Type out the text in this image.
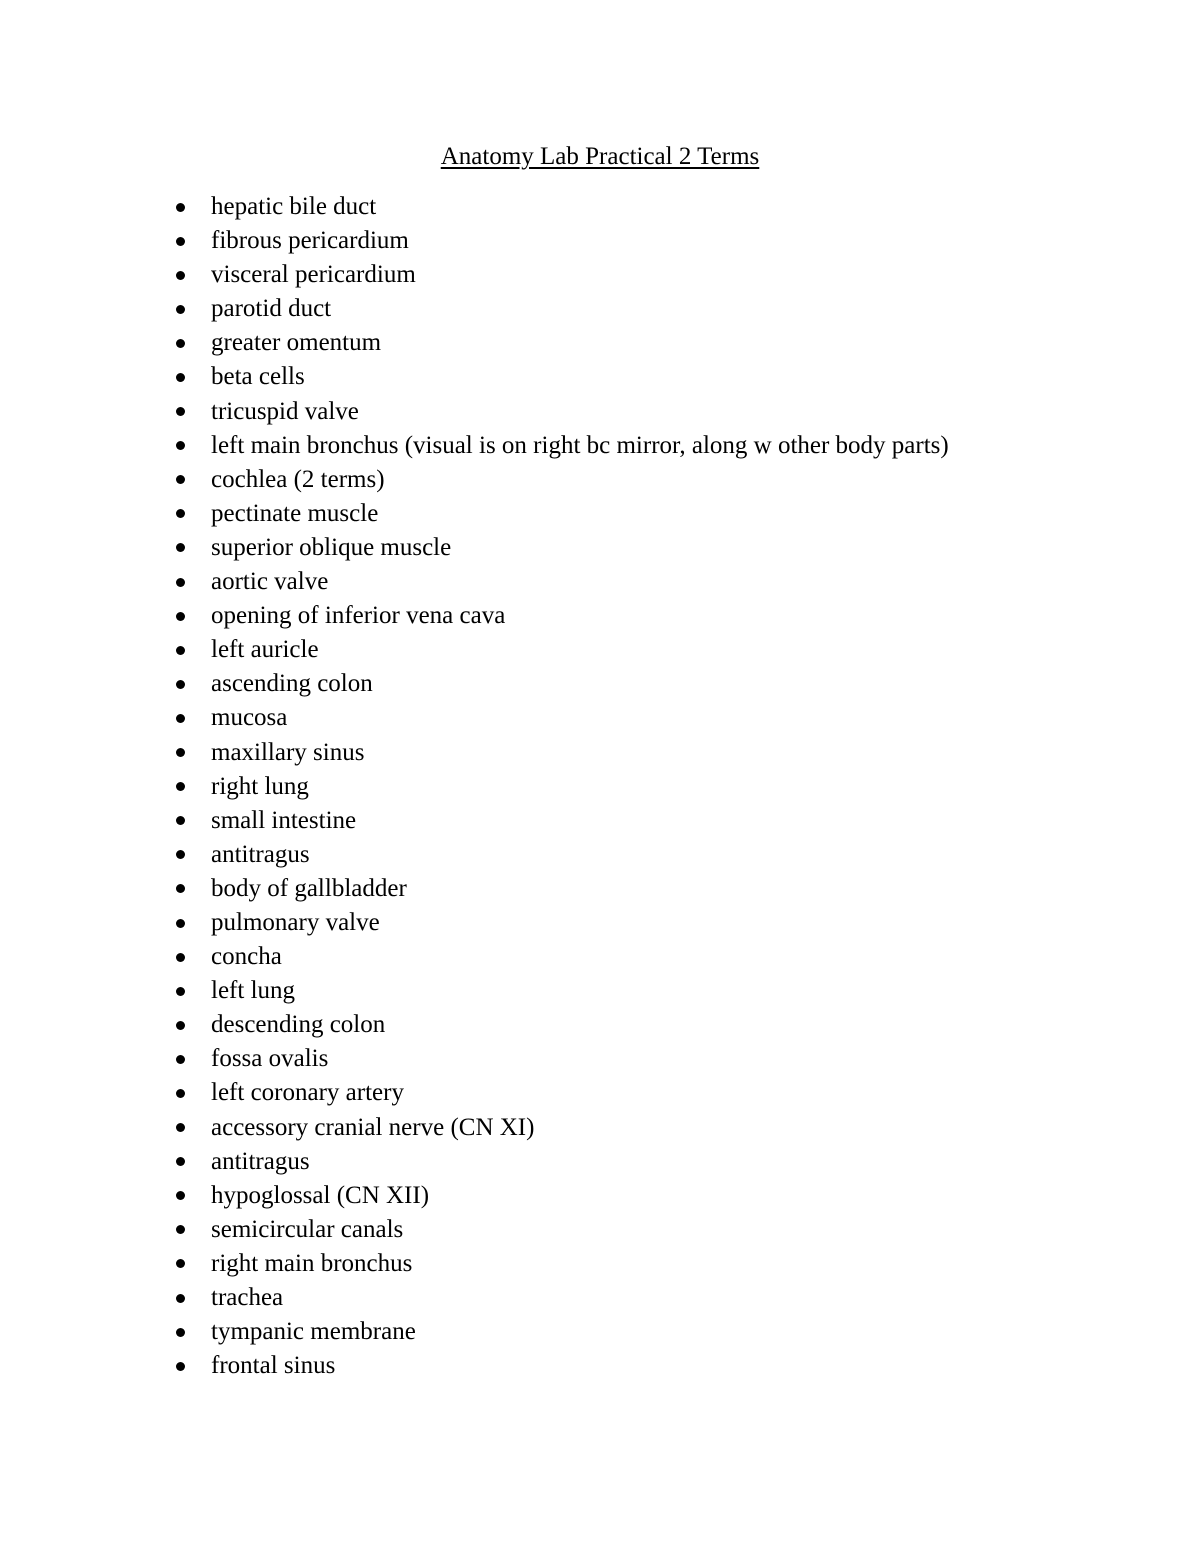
Anatomy Lab Practical 2 Terms
hepatic bile duct
fibrous pericardium
visceral pericardium
parotid duct
greater omentum
beta cells
tricuspid valve
left main bronchus (visual is on right bc mirror, along w other body parts)
cochlea (2 terms)
pectinate muscle
superior oblique muscle
aortic valve
opening of inferior vena cava
left auricle
ascending colon
mucosa
maxillary sinus
right lung
small intestine
antitragus
body of gallbladder
pulmonary valve
concha
left lung
descending colon
fossa ovalis
left coronary artery
accessory cranial nerve (CN XI)
antitragus
hypoglossal (CN XII)
semicircular canals
right main bronchus
trachea
tympanic membrane
frontal sinus
